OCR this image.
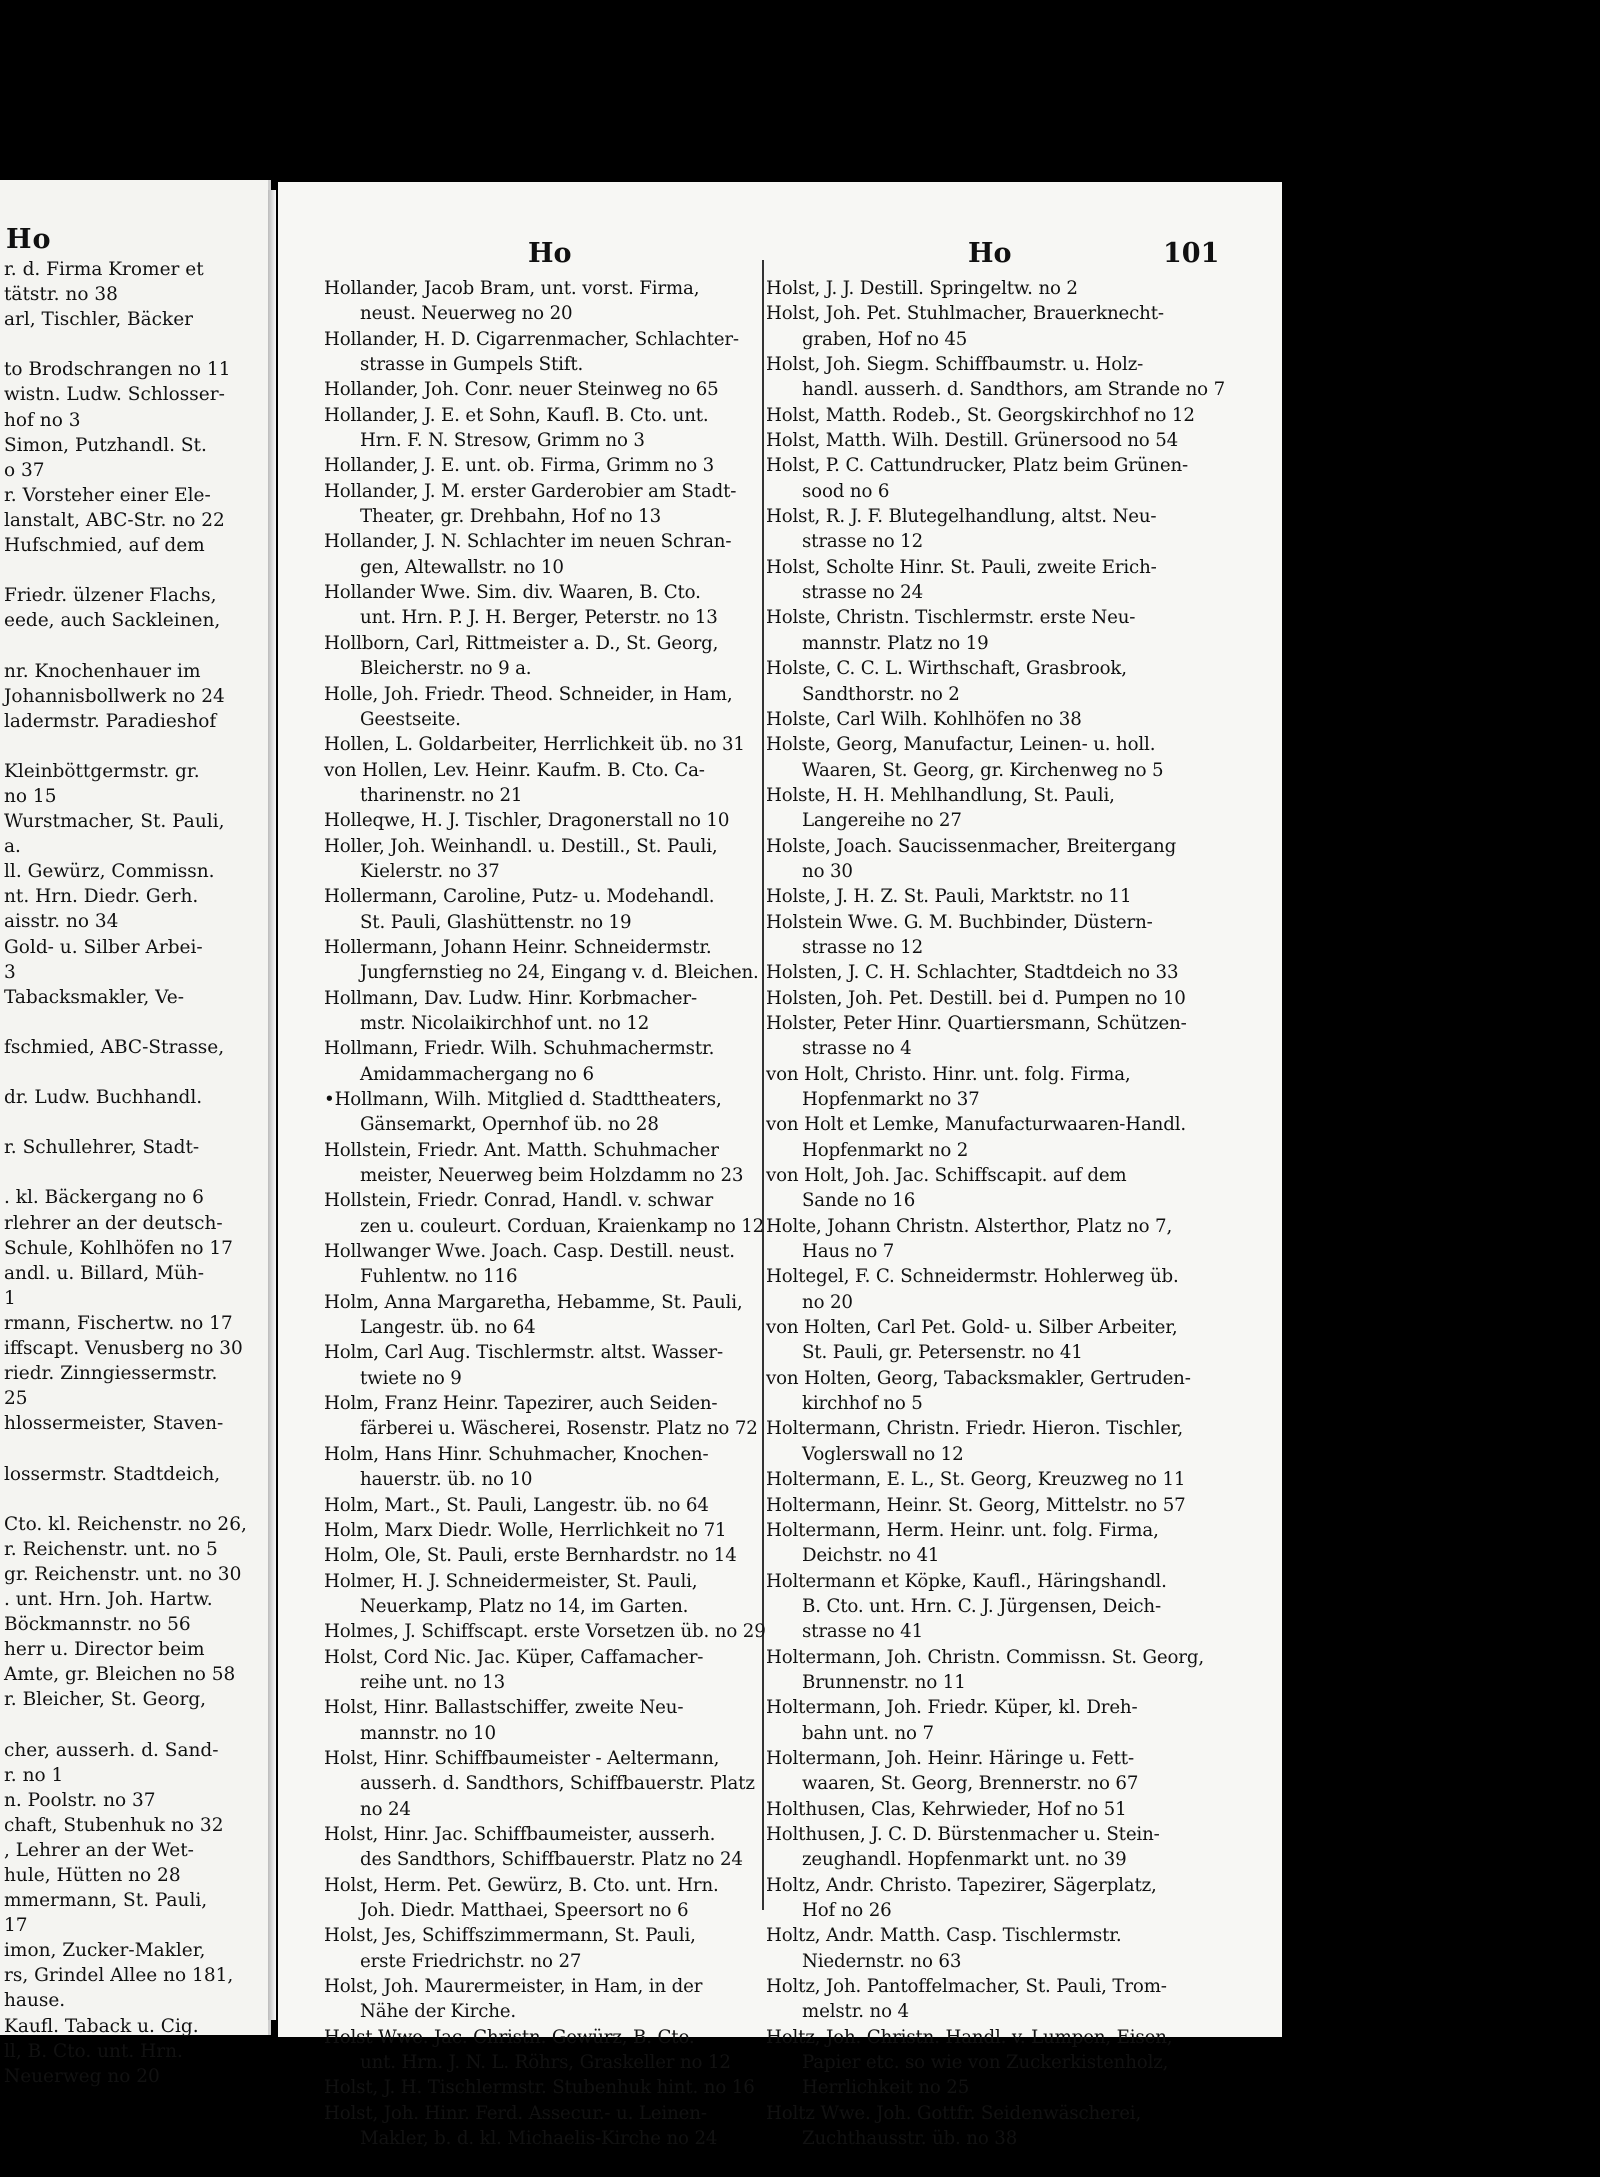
Ho
r. d. Firma Kromer et
tätstr. no 38
arl, Tischler, Bäcker
to Brodschrangen no 11
wistn. Ludw. Schlosser-
hof no 3
Simon, Putzhandl. St.
o 37
r. Vorsteher einer Ele-
lanstalt, ABC-Str. no 22
Hufschmied, auf dem
Friedr. ülzener Flachs,
eede, auch Sackleinen,
nr. Knochenhauer im
Johannisbollwerk no 24
ladermstr. Paradieshof
Kleinböttgermstr. gr.
no 15
Wurstmacher, St. Pauli,
a.
ll. Gewürz, Commissn.
nt. Hrn. Diedr. Gerh.
aisstr. no 34
Gold- u. Silber Arbei-
3
Tabacksmakler, Ve-
fschmied, ABC-Strasse,
dr. Ludw. Buchhandl.
r. Schullehrer, Stadt-
. kl. Bäckergang no 6
rlehrer an der deutsch-
Schule, Kohlhöfen no 17
andl. u. Billard, Müh-
1
rmann, Fischertw. no 17
iffscapt. Venusberg no 30
riedr. Zinngiessermstr.
25
hlossermeister, Staven-
lossermstr. Stadtdeich,
Cto. kl. Reichenstr. no 26,
r. Reichenstr. unt. no 5
gr. Reichenstr. unt. no 30
. unt. Hrn. Joh. Hartw.
Böckmannstr. no 56
herr u. Director beim
Amte, gr. Bleichen no 58
r. Bleicher, St. Georg,
cher, ausserh. d. Sand-
r. no 1
n. Poolstr. no 37
chaft, Stubenhuk no 32
, Lehrer an der Wet-
hule, Hütten no 28
mmermann, St. Pauli,
17
imon, Zucker-Makler,
rs, Grindel Allee no 181,
hause.
Kaufl. Taback u. Cig.
ll, B. Cto. unt. Hrn.
Neuerweg no 20
Ho	Ho	101
Hollander, Jacob Bram, unt. vorst. Firma,
neust. Neuerweg no 20
Hollander, H. D. Cigarrenmacher, Schlachter-
strasse in Gumpels Stift.
Hollander, Joh. Conr. neuer Steinweg no 65
Hollander, J. E. et Sohn, Kaufl. B. Cto. unt.
Hrn. F. N. Stresow, Grimm no 3
Hollander, J. E. unt. ob. Firma, Grimm no 3
Hollander, J. M. erster Garderobier am Stadt-
Theater, gr. Drehbahn, Hof no 13
Hollander, J. N. Schlachter im neuen Schran-
gen, Altewallstr. no 10
Hollander Wwe. Sim. div. Waaren, B. Cto.
unt. Hrn. P. J. H. Berger, Peterstr. no 13
Hollborn, Carl, Rittmeister a. D., St. Georg,
Bleicherstr. no 9 a.
Holle, Joh. Friedr. Theod. Schneider, in Ham,
Geestseite.
Hollen, L. Goldarbeiter, Herrlichkeit üb. no 31
von Hollen, Lev. Heinr. Kaufm. B. Cto. Ca-
tharinenstr. no 21
Holleqwe, H. J. Tischler, Dragonerstall no 10
Holler, Joh. Weinhandl. u. Destill., St. Pauli,
Kielerstr. no 37
Hollermann, Caroline, Putz- u. Modehandl.
St. Pauli, Glashüttenstr. no 19
Hollermann, Johann Heinr. Schneidermstr.
Jungfernstieg no 24, Eingang v. d. Bleichen.
Hollmann, Dav. Ludw. Hinr. Korbmacher-
mstr. Nicolaikirchhof unt. no 12
Hollmann, Friedr. Wilh. Schuhmachermstr.
Amidammachergang no 6
•Hollmann, Wilh. Mitglied d. Stadttheaters,
Gänsemarkt, Opernhof üb. no 28
Hollstein, Friedr. Ant. Matth. Schuhmacher
meister, Neuerweg beim Holzdamm no 23
Hollstein, Friedr. Conrad, Handl. v. schwar
zen u. couleurt. Corduan, Kraienkamp no 12
Hollwanger Wwe. Joach. Casp. Destill. neust.
Fuhlentw. no 116
Holm, Anna Margaretha, Hebamme, St. Pauli,
Langestr. üb. no 64
Holm, Carl Aug. Tischlermstr. altst. Wasser-
twiete no 9
Holm, Franz Heinr. Tapezirer, auch Seiden-
färberei u. Wäscherei, Rosenstr. Platz no 72
Holm, Hans Hinr. Schuhmacher, Knochen-
hauerstr. üb. no 10
Holm, Mart., St. Pauli, Langestr. üb. no 64
Holm, Marx Diedr. Wolle, Herrlichkeit no 71
Holm, Ole, St. Pauli, erste Bernhardstr. no 14
Holmer, H. J. Schneidermeister, St. Pauli,
Neuerkamp, Platz no 14, im Garten.
Holmes, J. Schiffscapt. erste Vorsetzen üb. no 29
Holst, Cord Nic. Jac. Küper, Caffamacher-
reihe unt. no 13
Holst, Hinr. Ballastschiffer, zweite Neu-
mannstr. no 10
Holst, Hinr. Schiffbaumeister - Aeltermann,
ausserh. d. Sandthors, Schiffbauerstr. Platz
no 24
Holst, Hinr. Jac. Schiffbaumeister, ausserh.
des Sandthors, Schiffbauerstr. Platz no 24
Holst, Herm. Pet. Gewürz, B. Cto. unt. Hrn.
Joh. Diedr. Matthaei, Speersort no 6
Holst, Jes, Schiffszimmermann, St. Pauli,
erste Friedrichstr. no 27
Holst, Joh. Maurermeister, in Ham, in der
Nähe der Kirche.
Holst Wwe. Jac. Christn. Gewürz, B. Cto.
unt. Hrn. J. N. L. Röhrs, Graskeller no 12
Holst, J. H. Tischlermstr. Stubenhuk hint. no 16
Holst, Joh. Hinr. Ferd. Assecur.- u. Leinen-
Makler, b. d. kl. Michaelis-Kirche no 24
Holst, J. J. Destill. Springeltw. no 2
Holst, Joh. Pet. Stuhlmacher, Brauerknecht-
graben, Hof no 45
Holst, Joh. Siegm. Schiffbaumstr. u. Holz-
handl. ausserh. d. Sandthors, am Strande no 7
Holst, Matth. Rodeb., St. Georgskirchhof no 12
Holst, Matth. Wilh. Destill. Grünersood no 54
Holst, P. C. Cattundrucker, Platz beim Grünen-
sood no 6
Holst, R. J. F. Blutegelhandlung, altst. Neu-
strasse no 12
Holst, Scholte Hinr. St. Pauli, zweite Erich-
strasse no 24
Holste, Christn. Tischlermstr. erste Neu-
mannstr. Platz no 19
Holste, C. C. L. Wirthschaft, Grasbrook,
Sandthorstr. no 2
Holste, Carl Wilh. Kohlhöfen no 38
Holste, Georg, Manufactur, Leinen- u. holl.
Waaren, St. Georg, gr. Kirchenweg no 5
Holste, H. H. Mehlhandlung, St. Pauli,
Langereihe no 27
Holste, Joach. Saucissenmacher, Breitergang
no 30
Holste, J. H. Z. St. Pauli, Marktstr. no 11
Holstein Wwe. G. M. Buchbinder, Düstern-
strasse no 12
Holsten, J. C. H. Schlachter, Stadtdeich no 33
Holsten, Joh. Pet. Destill. bei d. Pumpen no 10
Holster, Peter Hinr. Quartiersmann, Schützen-
strasse no 4
von Holt, Christo. Hinr. unt. folg. Firma,
Hopfenmarkt no 37
von Holt et Lemke, Manufacturwaaren-Handl.
Hopfenmarkt no 2
von Holt, Joh. Jac. Schiffscapit. auf dem
Sande no 16
Holte, Johann Christn. Alsterthor, Platz no 7,
Haus no 7
Holtegel, F. C. Schneidermstr. Hohlerweg üb.
no 20
von Holten, Carl Pet. Gold- u. Silber Arbeiter,
St. Pauli, gr. Petersenstr. no 41
von Holten, Georg, Tabacksmakler, Gertruden-
kirchhof no 5
Holtermann, Christn. Friedr. Hieron. Tischler,
Voglerswall no 12
Holtermann, E. L., St. Georg, Kreuzweg no 11
Holtermann, Heinr. St. Georg, Mittelstr. no 57
Holtermann, Herm. Heinr. unt. folg. Firma,
Deichstr. no 41
Holtermann et Köpke, Kaufl., Häringshandl.
B. Cto. unt. Hrn. C. J. Jürgensen, Deich-
strasse no 41
Holtermann, Joh. Christn. Commissn. St. Georg,
Brunnenstr. no 11
Holtermann, Joh. Friedr. Küper, kl. Dreh-
bahn unt. no 7
Holtermann, Joh. Heinr. Häringe u. Fett-
waaren, St. Georg, Brennerstr. no 67
Holthusen, Clas, Kehrwieder, Hof no 51
Holthusen, J. C. D. Bürstenmacher u. Stein-
zeughandl. Hopfenmarkt unt. no 39
Holtz, Andr. Christo. Tapezirer, Sägerplatz,
Hof no 26
Holtz, Andr. Matth. Casp. Tischlermstr.
Niedernstr. no 63
Holtz, Joh. Pantoffelmacher, St. Pauli, Trom-
melstr. no 4
Holtz, Joh. Christn. Handl. v. Lumpen, Eisen,
Papier etc. so wie von Zuckerkistenholz,
Herrlichkeit no 25
Holtz Wwe. Joh. Gottfr. Seidenwäscherei,
Zuchthausstr. üb. no 38
